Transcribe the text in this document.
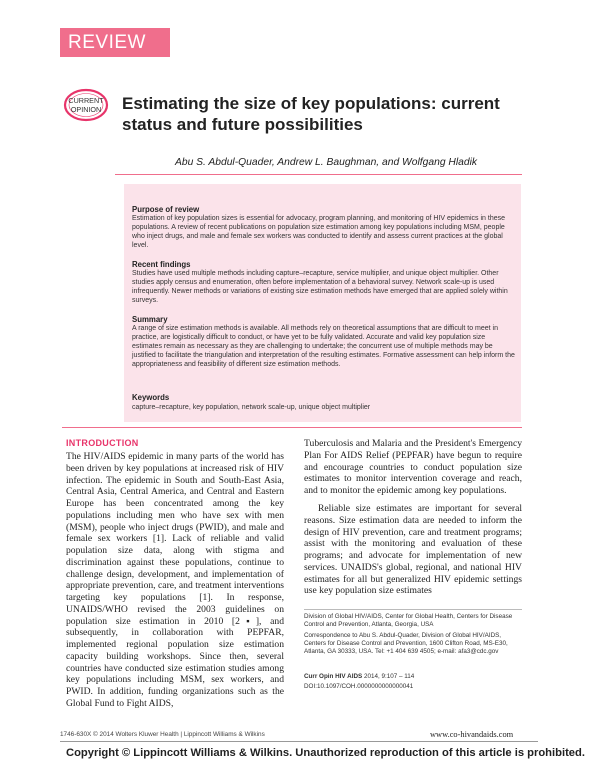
REVIEW
CURRENT
OPINION Estimating the size of key populations: current
status and future possibilities
Abu S. Abdul-Quader, Andrew L. Baughman, and Wolfgang Hladik
Purpose of review

Estimation of key population sizes is essential for advocacy, program planning, and monitoring of HIV epidemics in these populations. A review of recent publications on population size estimation among key populations including MSM, people who inject drugs, and male and female sex workers was conducted to identify and assess current practices at the global level.

Recent findings

Studies have used multiple methods including capture–recapture, service multiplier, and unique object multiplier. Other studies apply census and enumeration, often before implementation of a behavioral survey. Network scale-up is used infrequently. Newer methods or variations of existing size estimation methods have emerged that are applied solely within surveys.

Summary

A range of size estimation methods is available. All methods rely on theoretical assumptions that are difficult to meet in practice, are logistically difficult to conduct, or have yet to be fully validated. Accurate and valid key population size estimates remain as necessary as they are challenging to undertake; the concurrent use of multiple methods may be justified to facilitate the triangulation and interpretation of the resulting estimates. Formative assessment can help inform the appropriateness and feasibility of different size estimation methods.

Keywords

capture–recapture, key population, network scale-up, unique object multiplier

INTRODUCTION

The HIV/AIDS epidemic in many parts of the world has been driven by key populations at increased risk of HIV infection. The epidemic in South and South-East Asia, Central Asia, Central America, and Central and Eastern Europe has been concentrated among the key populations including men who have sex with men (MSM), people who inject drugs (PWID), and male and female sex workers [1]. Lack of reliable and valid population size data, along with stigma and discrimination against these populations, continue to challenge design, development, and implementation of appropriate prevention, care, and treatment interventions targeting key populations [1]. In response, UNAIDS/WHO revised the 2003 guidelines on population size estimation in 2010 [2▪], and subsequently, in collaboration with PEPFAR, implemented regional population size estimation capacity building workshops. Since then, several countries have conducted size estimation studies among key populations including MSM, sex workers, and PWID. In addition, funding organizations such as the Global Fund to Fight AIDS,

Tuberculosis and Malaria and the President's Emergency Plan For AIDS Relief (PEPFAR) have begun to require and encourage countries to conduct population size estimates to monitor intervention coverage and reach, and to monitor the epidemic among key populations.

Reliable size estimates are important for several reasons. Size estimation data are needed to inform the design of HIV prevention, care and treatment programs; assist with the monitoring and evaluation of these programs; and advocate for implementation of new services. UNAIDS's global, regional, and national HIV estimates for all but generalized HIV epidemic settings use key population size estimates

Division of Global HIV/AIDS, Center for Global Health, Centers for Disease Control and Prevention, Atlanta, Georgia, USA

Correspondence to Abu S. Abdul-Quader, Division of Global HIV/AIDS, Centers for Disease Control and Prevention, 1600 Clifton Road, MS-E30, Atlanta, GA 30333, USA. Tel: +1 404 639 4505; e-mail: afa3@cdc.gov

Curr Opin HIV AIDS 2014, 9:107 – 114

DOI:10.1097/COH.0000000000000041

1746-630X © 2014 Wolters Kluwer Health | Lippincott Williams & Wilkins	www.co-hivandaids.com
Copyright © Lippincott Williams & Wilkins. Unauthorized reproduction of this article is prohibited.
